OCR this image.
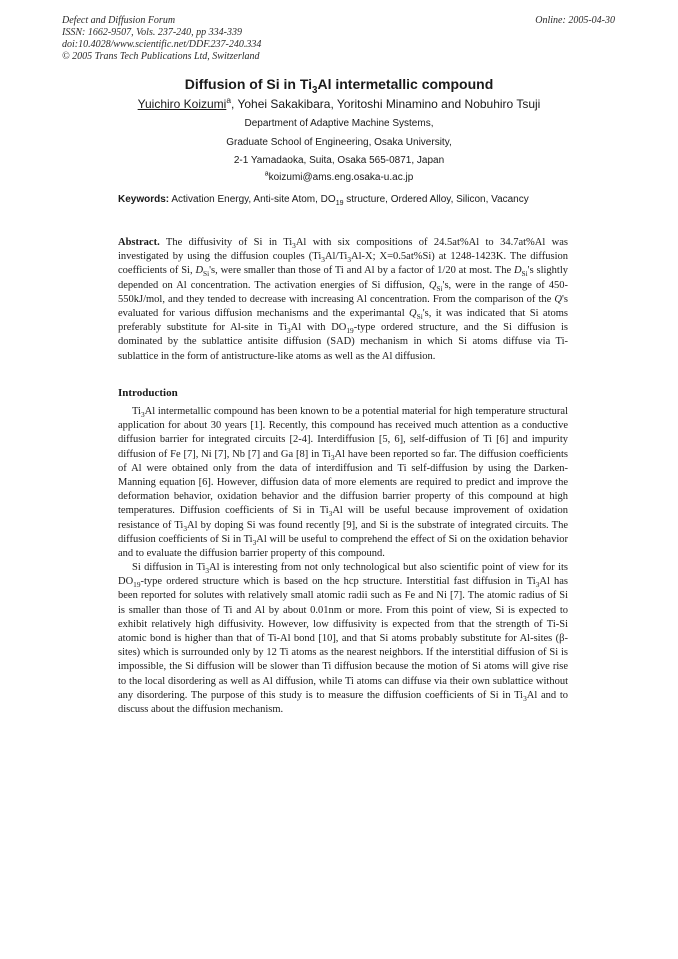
Defect and Diffusion Forum
ISSN: 1662-9507, Vols. 237-240, pp 334-339
doi:10.4028/www.scientific.net/DDF.237-240.334
© 2005 Trans Tech Publications Ltd, Switzerland
Online: 2005-04-30
Diffusion of Si in $Ti_3Al$ intermetallic compound
Yuichiro Koizumi$^a$, Yohei Sakakibara, Yoritoshi Minamino and Nobuhiro Tsuji
Department of Adaptive Machine Systems,
Graduate School of Engineering, Osaka University,
2-1 Yamadaoka, Suita, Osaka 565-0871, Japan
$^a$koizumi@ams.eng.osaka-u.ac.jp
Keywords: Activation Energy, Anti-site Atom, $DO_{19}$ structure, Ordered Alloy, Silicon, Vacancy
Abstract. The diffusivity of Si in $Ti_3Al$ with six compositions of 24.5at%Al to 34.7at%Al was investigated by using the diffusion couples ($Ti_3Al/Ti_3Al-X$; X=0.5at%Si) at 1248-1423K. The diffusion coefficients of Si, $D_{Si}'s$, were smaller than those of Ti and Al by a factor of 1/20 at most. The $D_{Si}'s$ slightly depended on Al concentration. The activation energies of Si diffusion, $Q_{Si}'s$, were in the range of 450-550kJ/mol, and they tended to decrease with increasing Al concentration. From the comparison of the Q's evaluated for various diffusion mechanisms and the experimantal $Q_{Si}'s$, it was indicated that Si atoms preferably substitute for Al-site in $Ti_3Al$ with $DO_{19}$-type ordered structure, and the Si diffusion is dominated by the sublattice antisite diffusion (SAD) mechanism in which Si atoms diffuse via Ti-sublattice in the form of antistructure-like atoms as well as the Al diffusion.
Introduction
$Ti_3Al$ intermetallic compound has been known to be a potential material for high temperature structural application for about 30 years [1]. Recently, this compound has received much attention as a conductive diffusion barrier for integrated circuits [2-4]. Interdiffusion [5, 6], self-diffusion of Ti [6] and impurity diffusion of Fe [7], Ni [7], Nb [7] and Ga [8] in $Ti_3Al$ have been reported so far. The diffusion coefficients of Al were obtained only from the data of interdiffusion and Ti self-diffusion by using the Darken-Manning equation [6]. However, diffusion data of more elements are required to predict and improve the deformation behavior, oxidation behavior and the diffusion barrier property of this compound at high temperatures. Diffusion coefficients of Si in $Ti_3Al$ will be useful because improvement of oxidation resistance of $Ti_3Al$ by doping Si was found recently [9], and Si is the substrate of integrated circuits. The diffusion coefficients of Si in $Ti_3Al$ will be useful to comprehend the effect of Si on the oxidation behavior and to evaluate the diffusion barrier property of this compound.
Si diffusion in $Ti_3Al$ is interesting from not only technological but also scientific point of view for its $DO_{19}$-type ordered structure which is based on the hcp structure. Interstitial fast diffusion in $Ti_3Al$ has been reported for solutes with relatively small atomic radii such as Fe and Ni [7]. The atomic radius of Si is smaller than those of Ti and Al by about 0.01nm or more. From this point of view, Si is expected to exhibit relatively high diffusivity. However, low diffusivity is expected from that the strength of Ti-Si atomic bond is higher than that of Ti-Al bond [10], and that Si atoms probably substitute for Al-sites (β-sites) which is surrounded only by 12 Ti atoms as the nearest neighbors. If the interstitial diffusion of Si is impossible, the Si diffusion will be slower than Ti diffusion because the motion of Si atoms will give rise to the local disordering as well as Al diffusion, while Ti atoms can diffuse via their own sublattice without any disordering. The purpose of this study is to measure the diffusion coefficients of Si in $Ti_3Al$ and to discuss about the diffusion mechanism.
